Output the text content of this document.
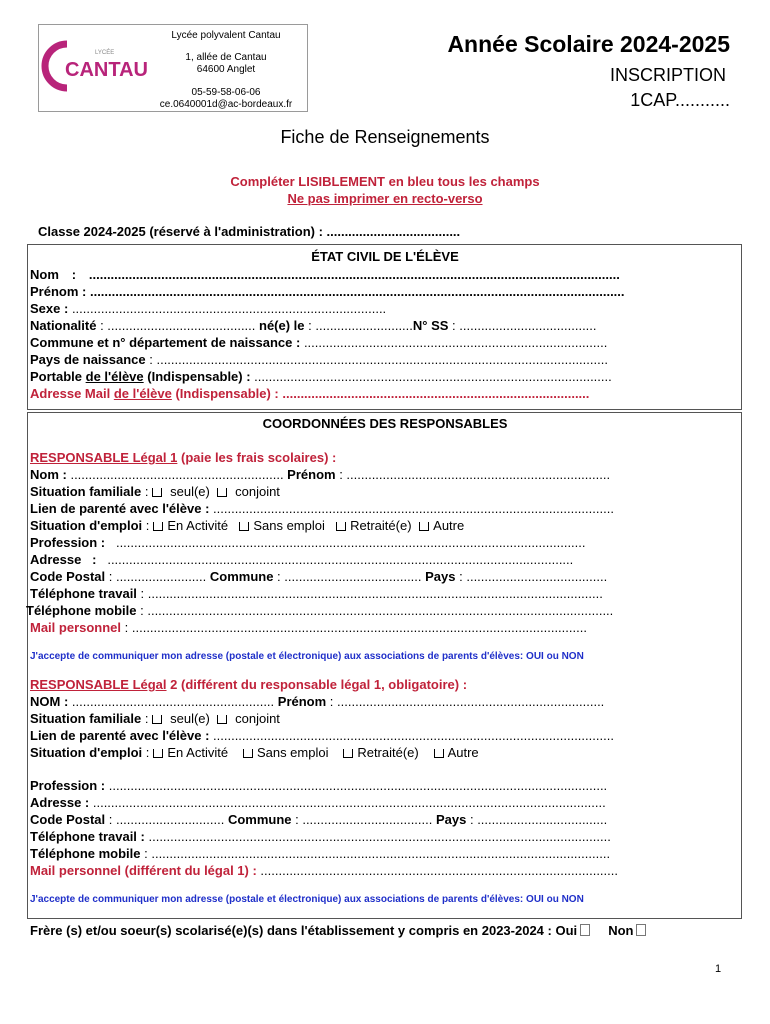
LYCÉE
CANTAU
Lycée polyvalent Cantau
1, allée de Cantau
64600 Anglet
05-59-58-06-06
ce.0640001d@ac-bordeaux.fr
Année Scolaire 2024-2025
INSCRIPTION
1CAP...........
Fiche de Renseignements
Compléter LISIBLEMENT en bleu tous les champs
Ne pas imprimer en recto-verso
Classe 2024-2025 (réservé à l'administration) : .....................................
ÉTAT CIVIL DE L'ÉLÈVE
Nom : ...................................................................................................................................................
Prénom : ....................................................................................................................................................
Sexe : .......................................................................................
Nationalité : ......................................... né(e) le : ...........................N° SS : ......................................
Commune et n° département de naissance : ....................................................................................
Pays de naissance : .............................................................................................................................
Portable de l'élève (Indispensable) : ...................................................................................................
Adresse Mail de l'élève (Indispensable) : .....................................................................................
COORDONNÉES DES RESPONSABLES
RESPONSABLE Légal 1 (paie les frais scolaires) :
Nom : ........................................................... Prénom : .........................................................................
Situation familiale : seul(e) conjoint
Lien de parenté avec l'élève : ...............................................................................................................
Situation d'emploi : En Activité Sans emploi Retraité(e) Autre
Profession :   ..................................................................................................................................
Adresse :   .................................................................................................................................
Code Postal : ......................... Commune : ...................................... Pays : .......................................
Téléphone travail : ..............................................................................................................................
Téléphone mobile : .................................................................................................................................
Mail personnel : ..............................................................................................................................
J'accepte de communiquer mon adresse (postale et électronique) aux associations de parents d'élèves: OUI ou NON
RESPONSABLE Légal 2 (différent du responsable légal 1, obligatoire) :
NOM : ........................................................ Prénom : ..........................................................................
Situation familiale : seul(e) conjoint
Lien de parenté avec l'élève : ...............................................................................................................
Situation d'emploi : En Activité Sans emploi Retraité(e) Autre
Profession : ..........................................................................................................................................
Adresse : ..............................................................................................................................................
Code Postal : .............................. Commune : .................................... Pays : ....................................
Téléphone travail : ................................................................................................................................
Téléphone mobile : ...............................................................................................................................
Mail personnel (différent du légal 1) : ...................................................................................................
J'accepte de communiquer mon adresse (postale et électronique) aux associations de parents d'élèves: OUI ou NON
Frère (s) et/ou soeur(s) scolarisé(e)(s) dans l'établissement y compris en 2023-2024 : Oui Non
1
